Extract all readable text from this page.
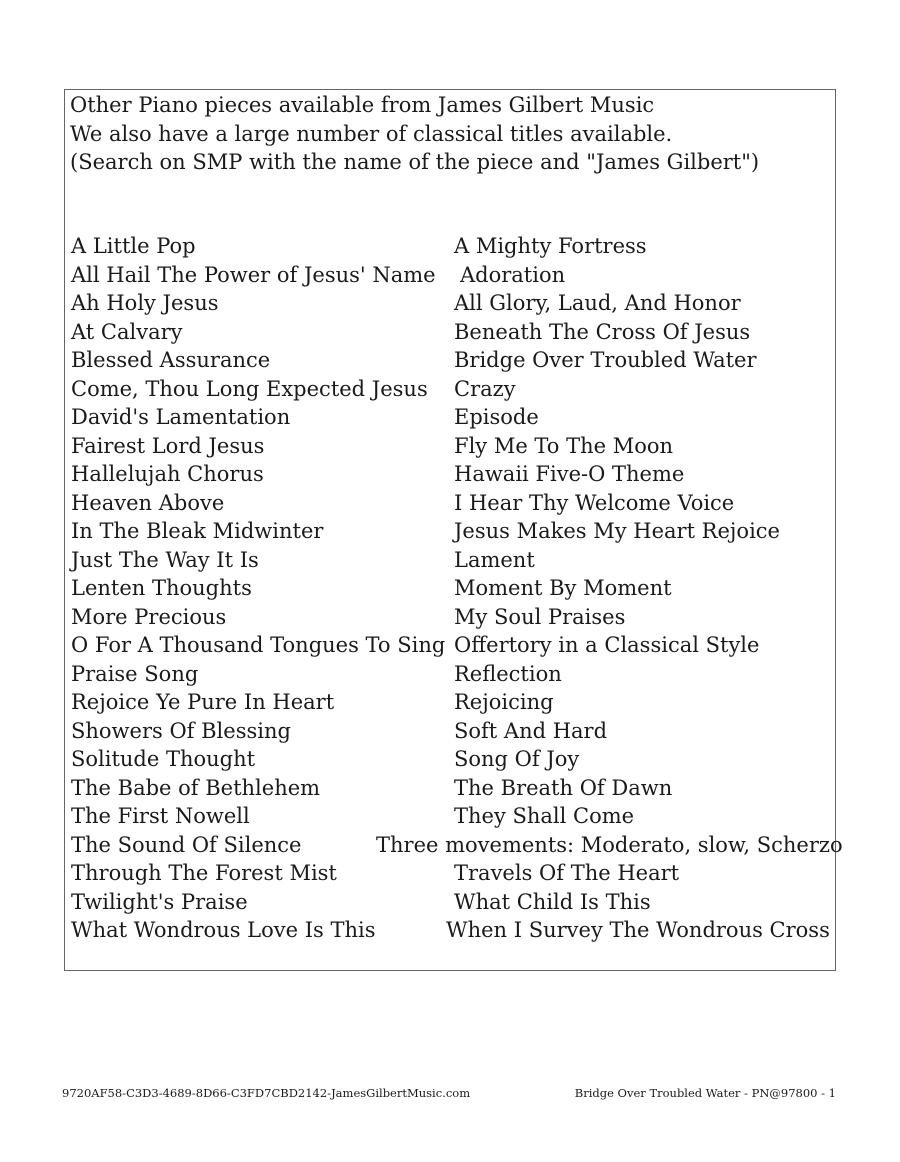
Other Piano pieces available from James Gilbert Music
We also have a large number of classical titles available.
(Search on SMP with the name of the piece and "James Gilbert")
A Little Pop
All Hail The Power of Jesus' Name
Ah Holy Jesus
At Calvary
Blessed Assurance
Come, Thou Long Expected Jesus
David's Lamentation
Fairest Lord Jesus
Hallelujah Chorus
Heaven Above
In The Bleak Midwinter
Just The Way It Is
Lenten Thoughts
More Precious
O For A Thousand Tongues To Sing
Praise Song
Rejoice Ye Pure In Heart
Showers Of Blessing
Solitude Thought
The Babe of Bethlehem
The First Nowell
The Sound Of Silence
Through The Forest Mist
Twilight's Praise
What Wondrous Love Is This
A Mighty Fortress
Adoration
All Glory, Laud, And Honor
Beneath The Cross Of Jesus
Bridge Over Troubled Water
Crazy
Episode
Fly Me To The Moon
Hawaii Five-O Theme
I Hear Thy Welcome Voice
Jesus Makes My Heart Rejoice
Lament
Moment By Moment
My Soul Praises
Offertory in a Classical Style
Reflection
Rejoicing
Soft And Hard
Song Of Joy
The Breath Of Dawn
They Shall Come
Three movements: Moderato, slow, Scherzo
Travels Of The Heart
What Child Is This
When I Survey The Wondrous Cross
9720AF58-C3D3-4689-8D66-C3FD7CBD2142-JamesGilbertMusic.com	Bridge Over Troubled Water - PN@97800 - 1
